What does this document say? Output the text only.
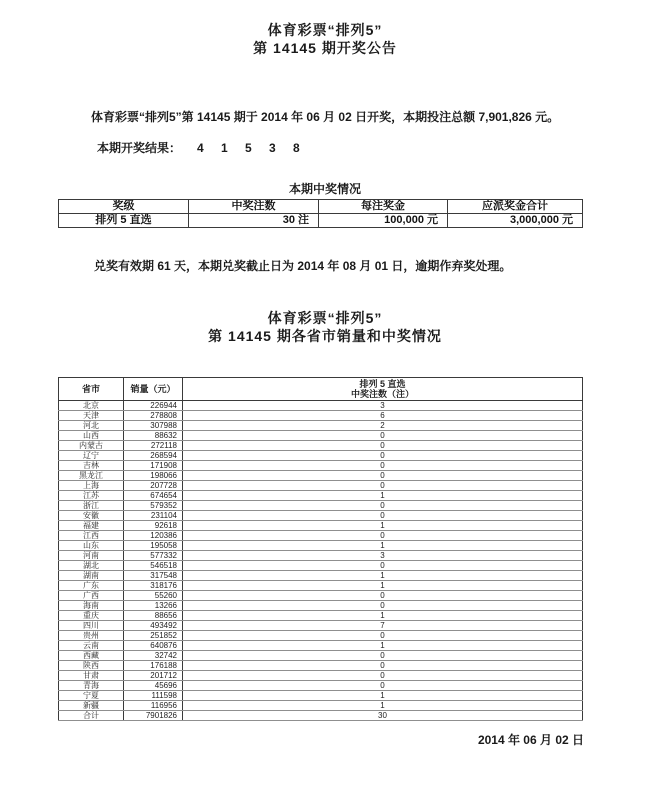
体育彩票“排列5”
第 14145 期开奖公告

体育彩票“排列5”第 14145 期于 2014 年 06 月 02 日开奖，本期投注总额 7,901,826 元。

本期开奖结果： 4 1 5 3 8

本期中奖情况
奖级	中奖注数	每注奖金	应派奖金合计
排列 5 直选	30 注	100,000 元	3,000,000 元

兑奖有效期 61 天，本期兑奖截止日为 2014 年 08 月 01 日，逾期作弃奖处理。

体育彩票“排列5”
第 14145 期各省市销量和中奖情况
省市	销量（元）	排列 5 直选
中奖注数（注）

北京	226944	3
天津	278808	6
河北	307988	2
山西	88632	0
内蒙古	272118	0
辽宁	268594	0
吉林	171908	0
黑龙江	198066	0
上海	207728	0
江苏	674654	1
浙江	579352	0
安徽	231104	0
福建	92618	1
江西	120386	0
山东	195058	1
河南	577332	3
湖北	546518	0
湖南	317548	1
广东	318176	1
广西	55260	0
海南	13266	0
重庆	88656	1
四川	493492	7
贵州	251852	0
云南	640876	1
西藏	32742	0
陕西	176188	0
甘肃	201712	0
青海	45696	0
宁夏	111598	1
新疆	116956	1
合计	7901826	30
2014 年 06 月 02 日
